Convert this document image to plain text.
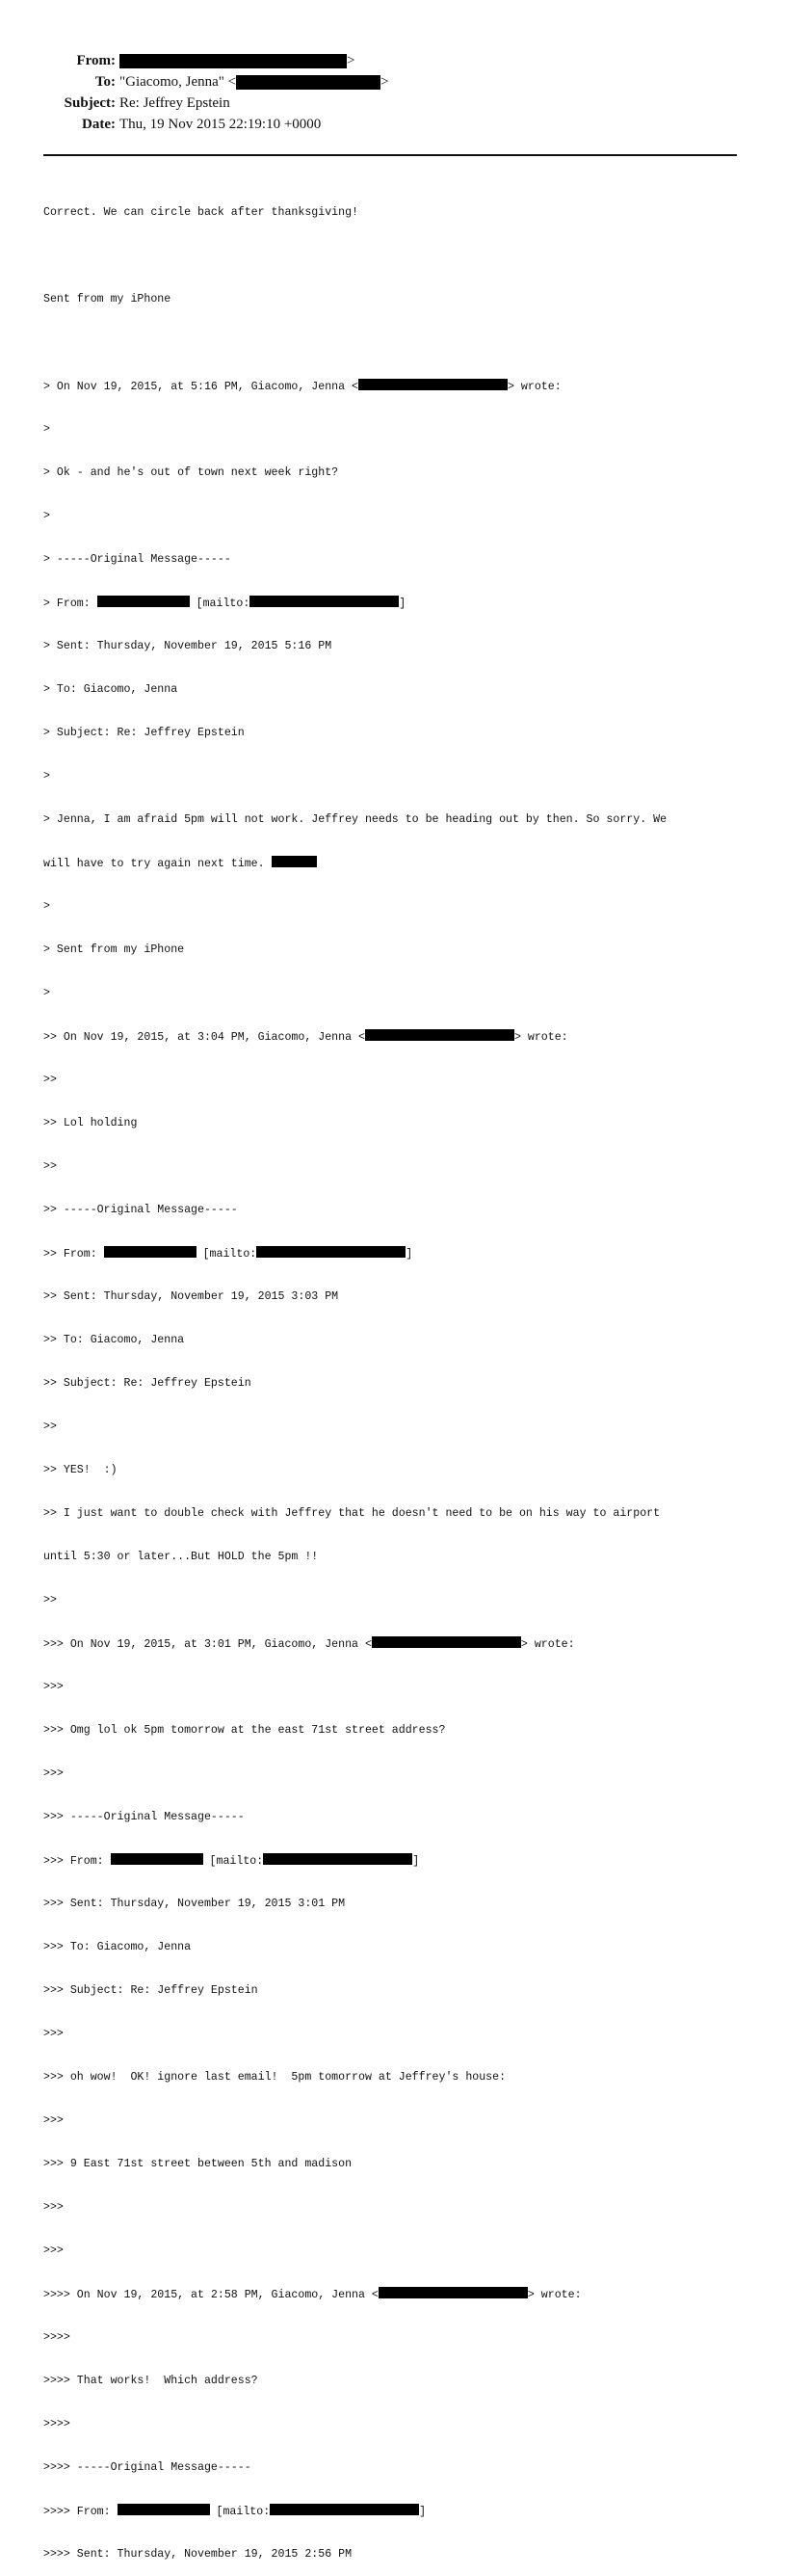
From:	>
To: "Giacomo, Jenna" <	>
Subject: Re: Jeffrey Epstein
Date: Thu, 19 Nov 2015 22:19:10 +0000

Correct. We can circle back after thanksgiving!

Sent from my iPhone

> On Nov 19, 2015, at 5:16 PM, Giacomo, Jenna <	> wrote:

>

> Ok - and he's out of town next week right?

>

> -----Original Message-----

> From:	[mailto:	]

> Sent: Thursday, November 19, 2015 5:16 PM

> To: Giacomo, Jenna

> Subject: Re: Jeffrey Epstein

>

> Jenna, I am afraid 5pm will not work. Jeffrey needs to be heading out by then. So sorry. We

will have to try again next time.

>

> Sent from my iPhone

>

>> On Nov 19, 2015, at 3:04 PM, Giacomo, Jenna <	> wrote:

>>

>> Lol holding

>>

>> -----Original Message-----

>> From:	[mailto:	]

>> Sent: Thursday, November 19, 2015 3:03 PM

>> To: Giacomo, Jenna

>> Subject: Re: Jeffrey Epstein

>>

>> YES!  :)

>> I just want to double check with Jeffrey that he doesn't need to be on his way to airport

until 5:30 or later...But HOLD the 5pm !!

>>

>>> On Nov 19, 2015, at 3:01 PM, Giacomo, Jenna <	> wrote:

>>>

>>> Omg lol ok 5pm tomorrow at the east 71st street address?

>>>

>>> -----Original Message-----

>>> From:	[mailto:	]

>>> Sent: Thursday, November 19, 2015 3:01 PM

>>> To: Giacomo, Jenna

>>> Subject: Re: Jeffrey Epstein

>>>

>>> oh wow!  OK! ignore last email!  5pm tomorrow at Jeffrey's house:

>>>

>>> 9 East 71st street between 5th and madison

>>>

>>>

>>>> On Nov 19, 2015, at 2:58 PM, Giacomo, Jenna <	> wrote:

>>>>

>>>> That works!  Which address?

>>>>

>>>> -----Original Message-----

>>>> From:	[mailto:	]

>>>> Sent: Thursday, November 19, 2015 2:56 PM
